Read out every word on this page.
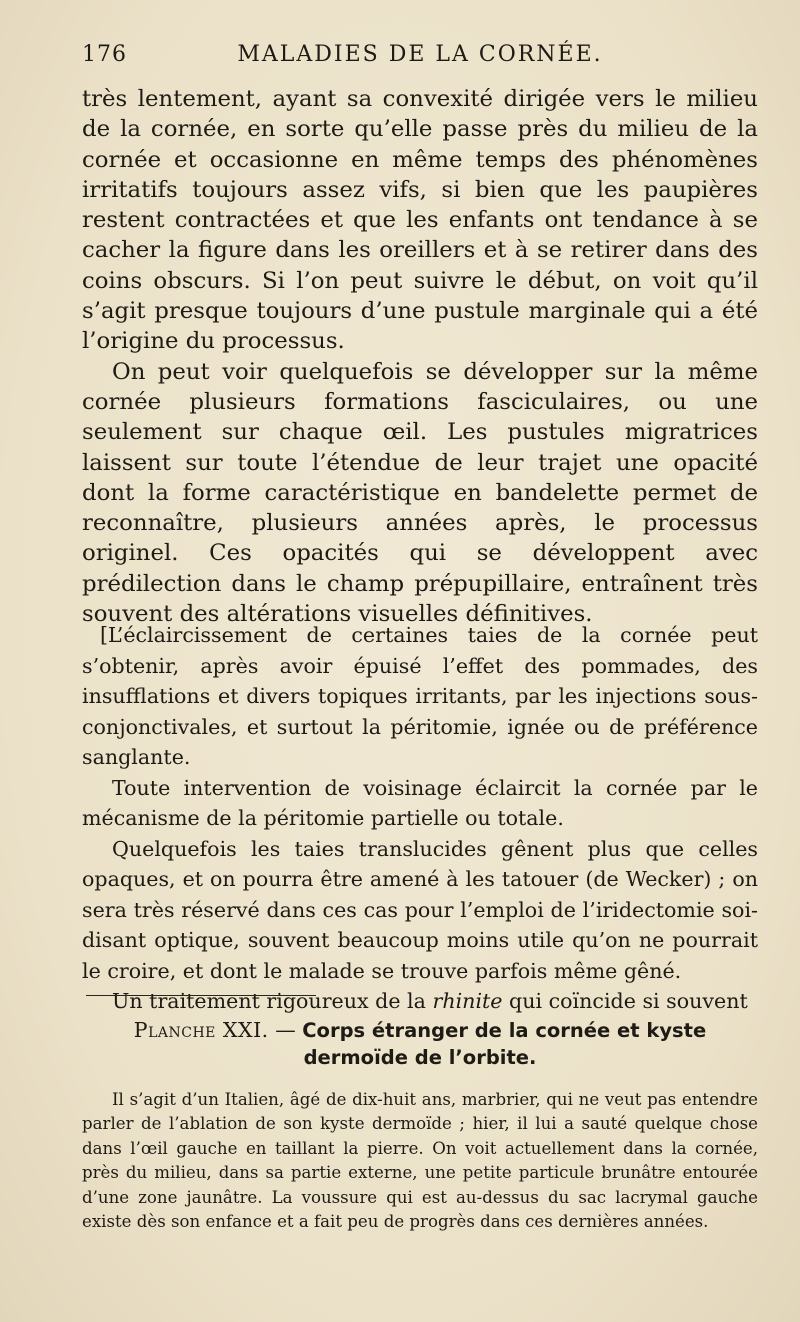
176	MALADIES DE LA CORNÉE.

très lentement, ayant sa convexité dirigée vers le milieu de la cornée, en sorte qu’elle passe près du milieu de la cornée et occasionne en même temps des phénomènes irritatifs toujours assez vifs, si bien que les paupières restent contractées et que les enfants ont tendance à se cacher la figure dans les oreillers et à se retirer dans des coins obscurs. Si l’on peut suivre le début, on voit qu’il s’agit presque toujours d’une pustule marginale qui a été l’origine du processus.

On peut voir quelquefois se développer sur la même cornée plusieurs formations fasciculaires, ou une seulement sur chaque œil. Les pustules migratrices laissent sur toute l’étendue de leur trajet une opacité dont la forme caractéristique en bandelette permet de reconnaître, plusieurs années après, le processus originel. Ces opacités qui se développent avec prédilection dans le champ prépupillaire, entraînent très souvent des altérations visuelles définitives.

[L’éclaircissement de certaines taies de la cornée peut s’obtenir, après avoir épuisé l’effet des pommades, des insufflations et divers topiques irritants, par les injections sous-conjonctivales, et surtout la péritomie, ignée ou de préférence sanglante.

Toute intervention de voisinage éclaircit la cornée par le mécanisme de la péritomie partielle ou totale.

Quelquefois les taies translucides gênent plus que celles opaques, et on pourra être amené à les tatouer (de Wecker) ; on sera très réservé dans ces cas pour l’emploi de l’iridectomie soi-disant optique, souvent beaucoup moins utile qu’on ne pourrait le croire, et dont le malade se trouve parfois même gêné.

Un traitement rigoureux de la rhinite qui coïncide si souvent

Planche XXI. — Corps étranger de la cornée et kyste dermoïde de l’orbite.

Il s’agit d’un Italien, âgé de dix-huit ans, marbrier, qui ne veut pas entendre parler de l’ablation de son kyste dermoïde ; hier, il lui a sauté quelque chose dans l’œil gauche en taillant la pierre. On voit actuellement dans la cornée, près du milieu, dans sa partie externe, une petite particule brunâtre entourée d’une zone jaunâtre. La voussure qui est au-dessus du sac lacrymal gauche existe dès son enfance et a fait peu de progrès dans ces dernières années.
